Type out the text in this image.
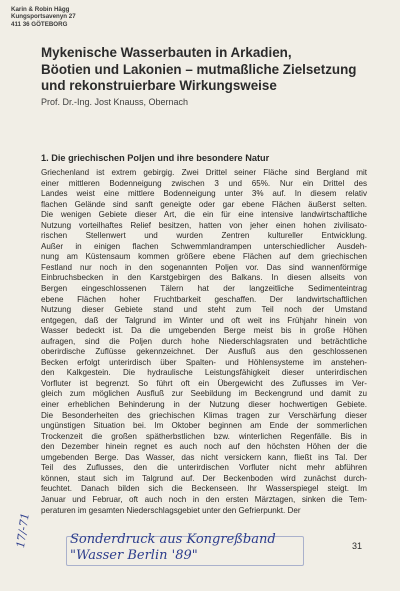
Karin & Robin Hägg
Kungsportsavenyn 27
411 36 GÖTEBORG
Mykenische Wasserbauten in Arkadien,
Böotien und Lakonien – mutmaßliche Zielsetzung
und rekonstruierbare Wirkungsweise
Prof. Dr.-Ing. Jost Knauss, Obernach
1. Die griechischen Poljen und ihre besondere Natur
Griechenland ist extrem gebirgig. Zwei Drittel seiner Fläche sind Bergland mit
einer mittleren Bodenneigung zwischen 3 und 65%. Nur ein Drittel des
Landes weist eine mittlere Bodenneigung unter 3% auf. In diesem relativ
flachen Gelände sind sanft geneigte oder gar ebene Flächen äußerst selten.
Die wenigen Gebiete dieser Art, die ein für eine intensive landwirtschaftliche
Nutzung vorteilhaftes Relief besitzen, hatten von jeher einen hohen zivilisato-
rischen Stellenwert und wurden Zentren kultureller Entwicklung.
Außer in einigen flachen Schwemmlandrampen unterschiedlicher Ausdeh-
nung am Küstensaum kommen größere ebene Flächen auf dem griechischen
Festland nur noch in den sogenannten Poljen vor. Das sind wannenförmige
Einbruchsbecken in den Karstgebirgen des Balkans. In diesen allseits von
Bergen eingeschlossenen Tälern hat der langzeitliche Sedimenteintrag
ebene Flächen hoher Fruchtbarkeit geschaffen. Der landwirtschaftlichen
Nutzung dieser Gebiete stand und steht zum Teil noch der Umstand
entgegen, daß der Talgrund im Winter und oft weit ins Frühjahr hinein von
Wasser bedeckt ist. Da die umgebenden Berge meist bis in große Höhen
aufragen, sind die Poljen durch hohe Niederschlagsraten und beträchtliche
oberirdische Zuflüsse gekennzeichnet. Der Ausfluß aus den geschlossenen
Becken erfolgt unterirdisch über Spalten- und Höhlensysteme im anstehen-
den Kalkgestein. Die hydraulische Leistungsfähigkeit dieser unterirdischen
Vorfluter ist begrenzt. So führt oft ein Übergewicht des Zuflusses im Ver-
gleich zum möglichen Ausfluß zur Seebildung im Beckengrund und damit zu
einer erheblichen Behinderung in der Nutzung dieser hochwertigen Gebiete.
Die Besonderheiten des griechischen Klimas tragen zur Verschärfung dieser
ungünstigen Situation bei. Im Oktober beginnen am Ende der sommerlichen
Trockenzeit die großen spätherbstlichen bzw. winterlichen Regenfälle. Bis in
den Dezember hinein regnet es auch noch auf den höchsten Höhen der die
umgebenden Berge. Das Wasser, das nicht versickern kann, fließt ins Tal. Der
Teil des Zuflusses, den die unterirdischen Vorfluter nicht mehr abführen
können, staut sich im Talgrund auf. Der Beckenboden wird zunächst durch-
feuchtet. Danach bilden sich die Beckenseen. Ihr Wasserspiegel steigt. Im
Januar und Februar, oft auch noch in den ersten Märztagen, sinken die Tem-
peraturen im gesamten Niederschlagsgebiet unter den Gefrierpunkt. Der
Sonderdruck aus Kongreßband
"Wasser Berlin '89"
17/-71	31
